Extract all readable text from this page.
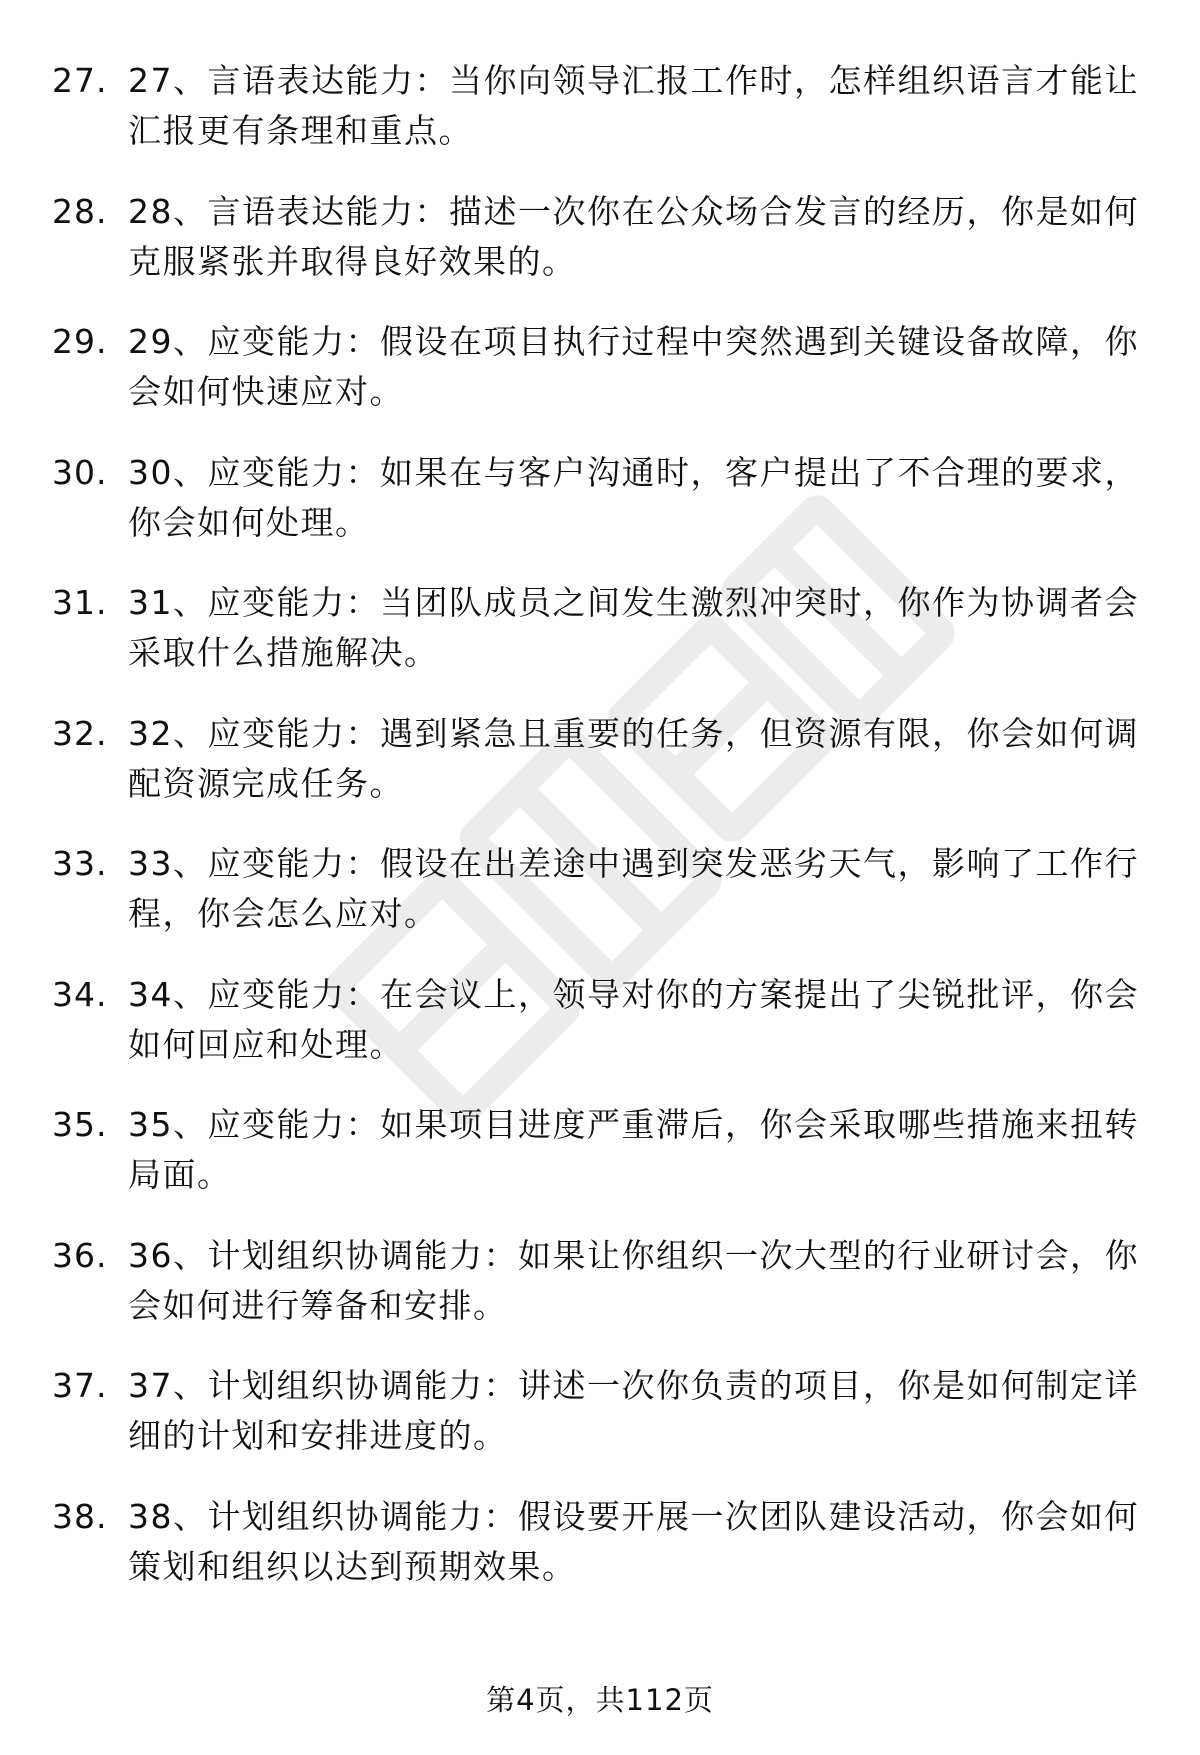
27. 27、言语表达能力：当你向领导汇报工作时，怎样组织语言才能让汇报更有条理和重点。
28. 28、言语表达能力：描述一次你在公众场合发言的经历，你是如何克服紧张并取得良好效果的。
29. 29、应变能力：假设在项目执行过程中突然遇到关键设备故障，你会如何快速应对。
30. 30、应变能力：如果在与客户沟通时，客户提出了不合理的要求，你会如何处理。
31. 31、应变能力：当团队成员之间发生激烈冲突时，你作为协调者会采取什么措施解决。
32. 32、应变能力：遇到紧急且重要的任务，但资源有限，你会如何调配资源完成任务。
33. 33、应变能力：假设在出差途中遇到突发恶劣天气，影响了工作行程，你会怎么应对。
34. 34、应变能力：在会议上，领导对你的方案提出了尖锐批评，你会如何回应和处理。
35. 35、应变能力：如果项目进度严重滞后，你会采取哪些措施来扭转局面。
36. 36、计划组织协调能力：如果让你组织一次大型的行业研讨会，你会如何进行筹备和安排。
37. 37、计划组织协调能力：讲述一次你负责的项目，你是如何制定详细的计划和安排进度的。
38. 38、计划组织协调能力：假设要开展一次团队建设活动，你会如何策划和组织以达到预期效果。
第4页，共112页
